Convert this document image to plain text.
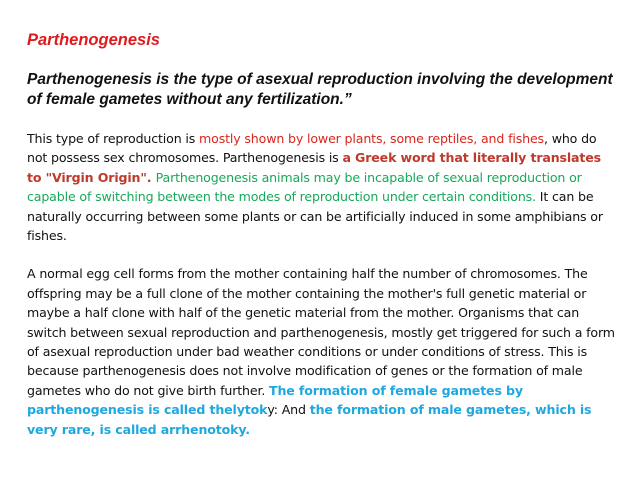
Parthenogenesis
Parthenogenesis is the type of asexual reproduction involving the development of female gametes without any fertilization.”

This type of reproduction is mostly shown by lower plants, some reptiles, and fishes, who do not possess sex chromosomes. Parthenogenesis is a Greek word that literally translates to "Virgin Origin". Parthenogenesis animals may be incapable of sexual reproduction or capable of switching between the modes of reproduction under certain conditions. It can be naturally occurring between some plants or can be artificially induced in some amphibians or fishes.

A normal egg cell forms from the mother containing half the number of chromosomes. The offspring may be a full clone of the mother containing the mother's full genetic material or maybe a half clone with half of the genetic material from the mother. Organisms that can switch between sexual reproduction and parthenogenesis, mostly get triggered for such a form of asexual reproduction under bad weather conditions or under conditions of stress. This is because parthenogenesis does not involve modification of genes or the formation of male gametes who do not give birth further. The formation of female gametes by parthenogenesis is called thelytoky: And the formation of male gametes, which is very rare, is called arrhenotoky.
